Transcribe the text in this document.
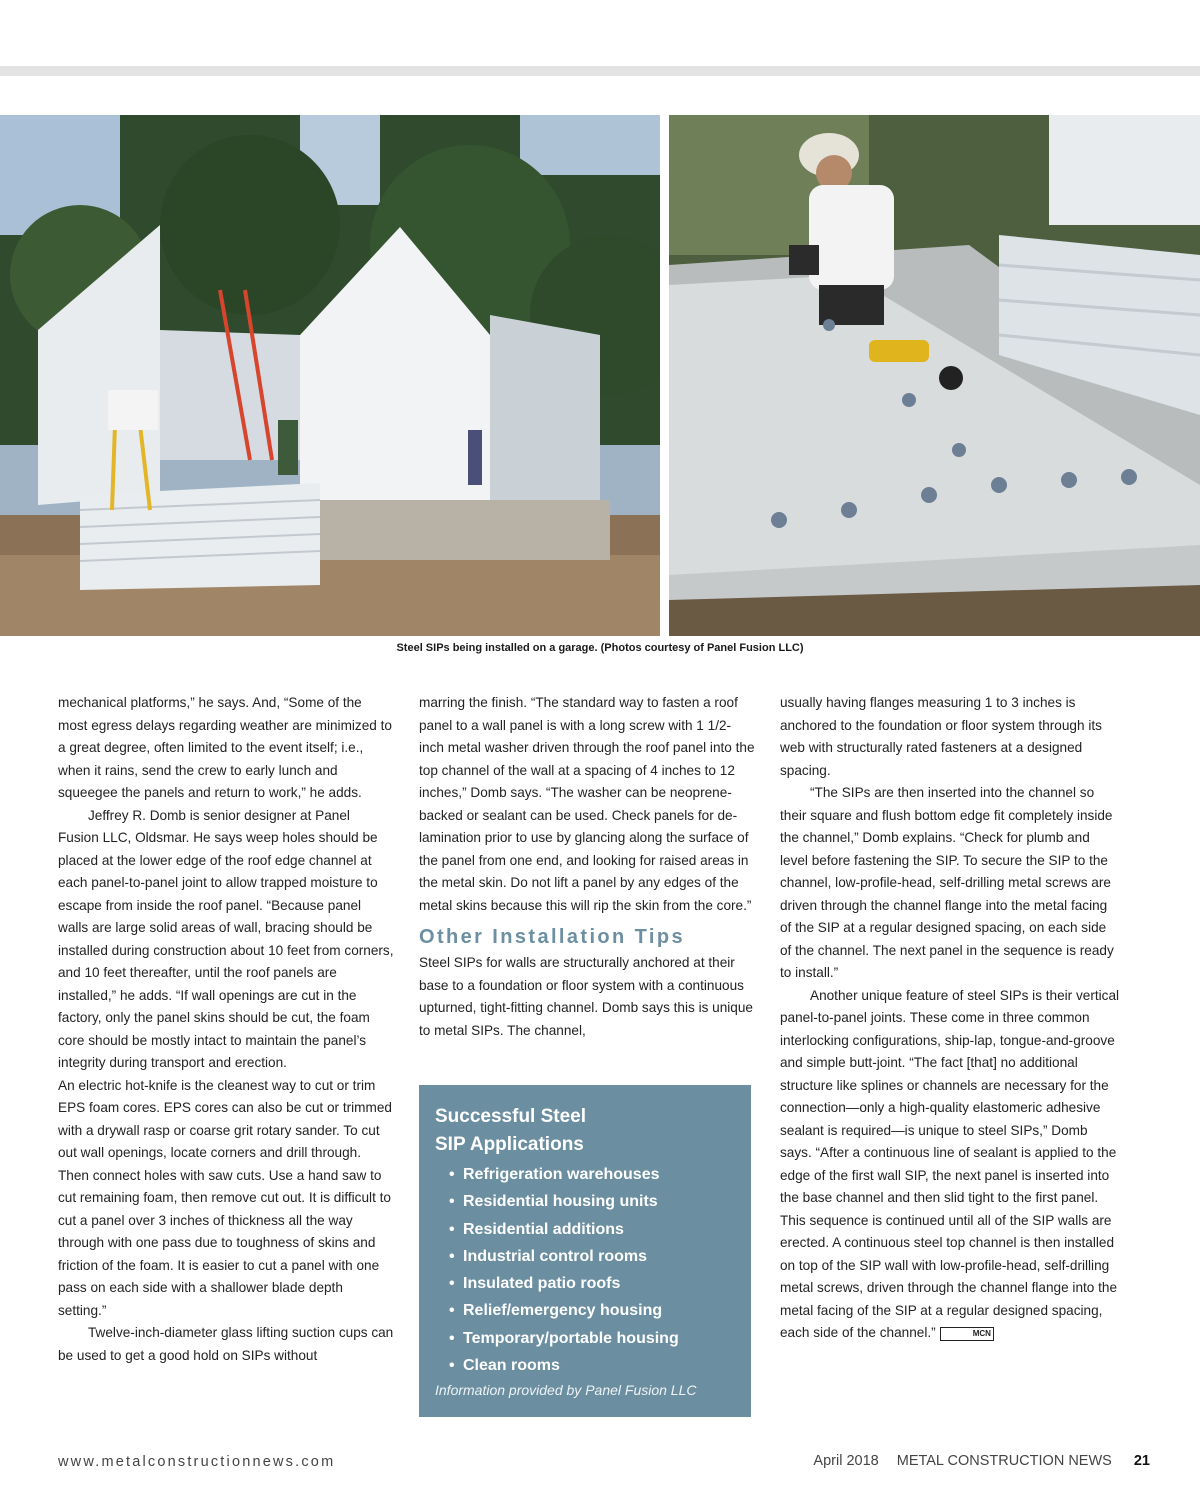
Steel SIPs being installed on a garage. (Photos courtesy of Panel Fusion LLC)

mechanical platforms,” he says. And, “Some of the most egress delays regarding weather are minimized to a great degree, often limited to the event itself; i.e., when it rains, send the crew to early lunch and squeegee the panels and return to work,” he adds.

Jeffrey R. Domb is senior designer at Panel Fusion LLC, Oldsmar. He says weep holes should be placed at the lower edge of the roof edge channel at each panel-to-panel joint to allow trapped moisture to escape from inside the roof panel. “Because panel walls are large solid areas of wall, bracing should be installed during construction about 10 feet from corners, and 10 feet thereafter, until the roof panels are installed,” he adds. “If wall openings are cut in the factory, only the panel skins should be cut, the foam core should be mostly intact to maintain the panel’s integrity during transport and erection.

An electric hot-knife is the cleanest way to cut or trim EPS foam cores. EPS cores can also be cut or trimmed with a drywall rasp or coarse grit rotary sander. To cut out wall openings, locate corners and drill through. Then connect holes with saw cuts. Use a hand saw to cut remaining foam, then remove cut out. It is difficult to cut a panel over 3 inches of thickness all the way through with one pass due to toughness of skins and friction of the foam. It is easier to cut a panel with one pass on each side with a shallower blade depth setting.”

Twelve-inch-diameter glass lifting suction cups can be used to get a good hold on SIPs without

marring the finish. “The standard way to fasten a roof panel to a wall panel is with a long screw with 1 1/2-inch metal washer driven through the roof panel into the top channel of the wall at a spacing of 4 inches to 12 inches,” Domb says. “The washer can be neoprene-backed or sealant can be used. Check panels for de-lamination prior to use by glancing along the surface of the panel from one end, and looking for raised areas in the metal skin. Do not lift a panel by any edges of the metal skins because this will rip the skin from the core.”

Other Installation Tips

Steel SIPs for walls are structurally anchored at their base to a foundation or floor system with a continuous upturned, tight-fitting channel. Domb says this is unique to metal SIPs. The channel,

Successful Steel
SIP Applications
• Refrigeration warehouses
• Residential housing units
• Residential additions
• Industrial control rooms
• Insulated patio roofs
• Relief/emergency housing
• Temporary/portable housing
• Clean rooms
Information provided by Panel Fusion LLC

usually having flanges measuring 1 to 3 inches is anchored to the foundation or floor system through its web with structurally rated fasteners at a designed spacing.

“The SIPs are then inserted into the channel so their square and flush bottom edge fit completely inside the channel,” Domb explains. “Check for plumb and level before fastening the SIP. To secure the SIP to the channel, low-profile-head, self-drilling metal screws are driven through the channel flange into the metal facing of the SIP at a regular designed spacing, on each side of the channel. The next panel in the sequence is ready to install.”

Another unique feature of steel SIPs is their vertical panel-to-panel joints. These come in three common interlocking configurations, ship-lap, tongue-and-groove and simple butt-joint. “The fact [that] no additional structure like splines or channels are necessary for the connection—only a high-quality elastomeric adhesive sealant is required—is unique to steel SIPs,” Domb says. “After a continuous line of sealant is applied to the edge of the first wall SIP, the next panel is inserted into the base channel and then slid tight to the first panel. This sequence is continued until all of the SIP walls are erected. A continuous steel top channel is then installed on top of the SIP wall with low-profile-head, self-drilling metal screws, driven through the channel flange into the metal facing of the SIP at a regular designed spacing, each side of the channel.”	MCN

www.metalconstructionnews.com	April 2018 METAL CONSTRUCTION NEWS 21
